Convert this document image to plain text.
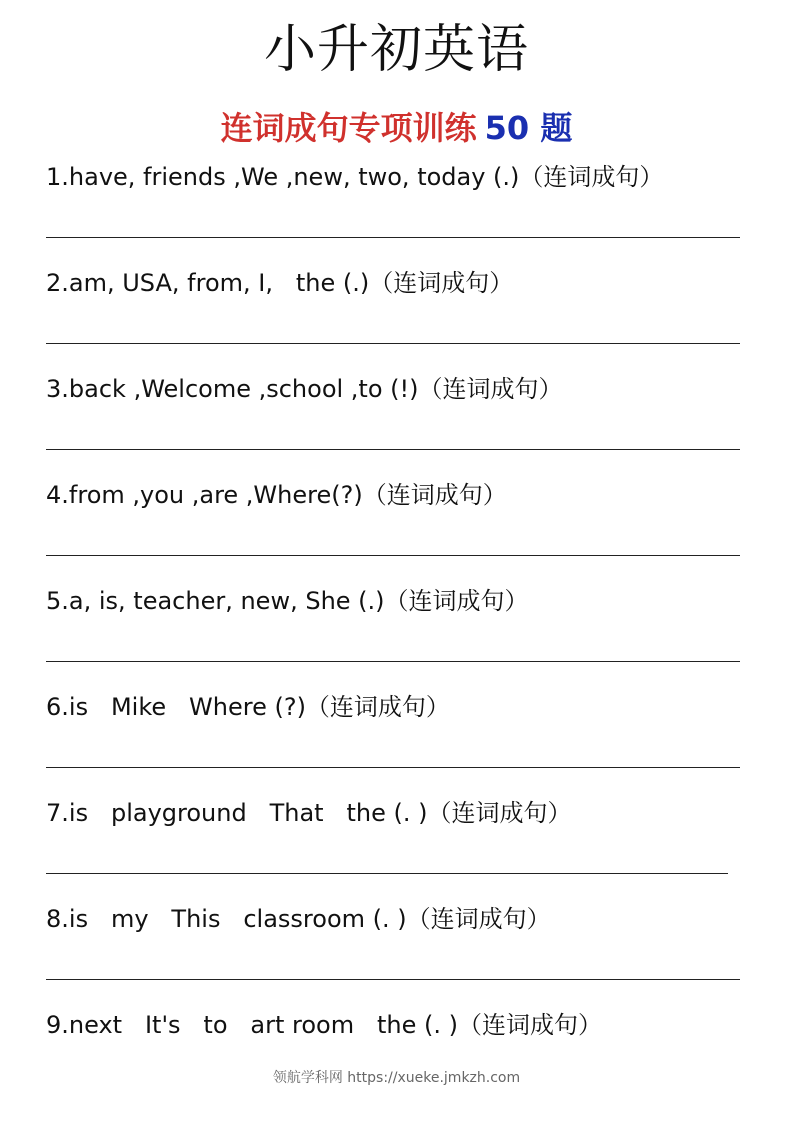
小升初英语
连词成句专项训练 50 题
1.have, friends ,We ,new, two, today (.)（连词成句）
2.am, USA, from, I,   the (.)（连词成句）
3.back ,Welcome ,school ,to (!)（连词成句）
4.from ,you ,are ,Where(?)（连词成句）
5.a, is, teacher, new, She (.)（连词成句）
6.is   Mike   Where (?)（连词成句）
7.is   playground   That   the (. )（连词成句）
8.is   my   This   classroom (. )（连词成句）
9.next   It's   to   art room   the (. )（连词成句）
领航学科网 https://xueke.jmkzh.com
